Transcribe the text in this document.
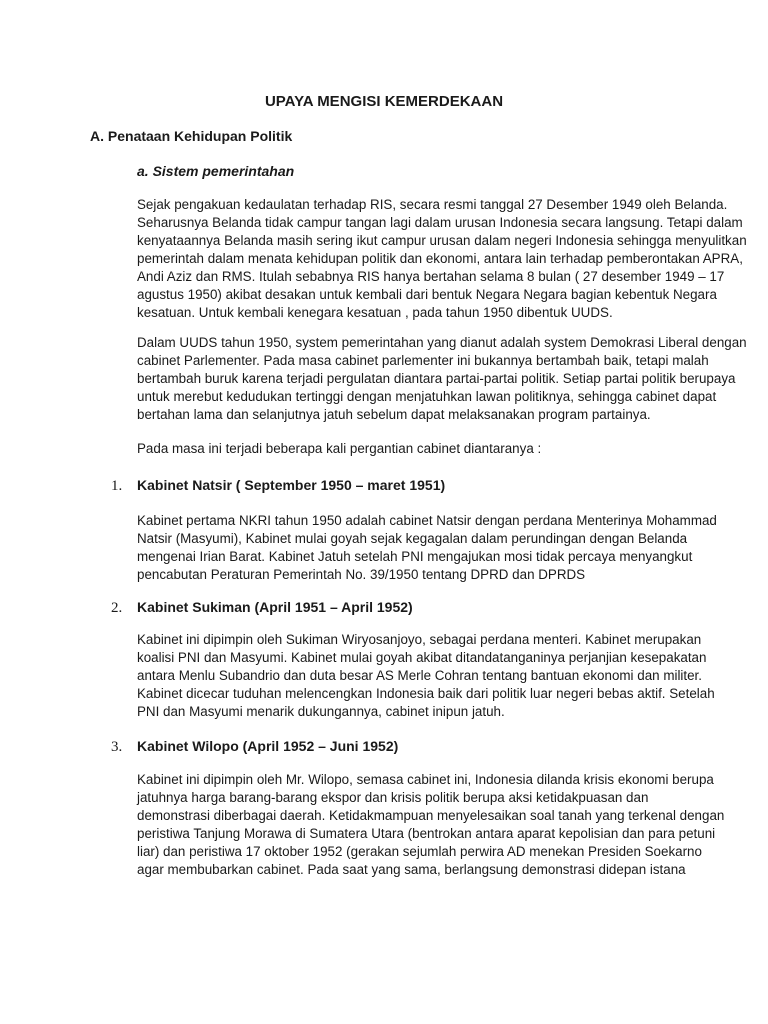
UPAYA MENGISI KEMERDEKAAN
A. Penataan Kehidupan Politik
a. Sistem pemerintahan

Sejak pengakuan kedaulatan terhadap RIS, secara resmi tanggal 27 Desember 1949 oleh Belanda.
Seharusnya Belanda tidak campur tangan lagi dalam urusan Indonesia secara langsung. Tetapi dalam
kenyataannya Belanda masih sering ikut campur urusan dalam negeri Indonesia sehingga menyulitkan
pemerintah dalam menata kehidupan politik dan ekonomi, antara lain terhadap pemberontakan APRA,
Andi Aziz dan RMS. Itulah sebabnya RIS hanya bertahan selama 8 bulan ( 27 desember 1949 – 17
agustus 1950) akibat desakan untuk kembali dari bentuk Negara Negara bagian kebentuk Negara
kesatuan. Untuk kembali kenegara kesatuan , pada tahun 1950 dibentuk UUDS.

Dalam UUDS tahun 1950, system pemerintahan yang dianut adalah system Demokrasi Liberal dengan
cabinet Parlementer. Pada masa cabinet parlementer ini bukannya bertambah baik, tetapi malah
bertambah buruk karena terjadi pergulatan diantara partai-partai politik. Setiap partai politik berupaya
untuk merebut kedudukan tertinggi dengan menjatuhkan lawan politiknya, sehingga cabinet dapat
bertahan lama dan selanjutnya jatuh sebelum dapat melaksanakan program partainya.

Pada masa ini terjadi beberapa kali pergantian cabinet diantaranya :

1. Kabinet Natsir ( September 1950 – maret 1951)

Kabinet pertama NKRI tahun 1950 adalah cabinet Natsir dengan perdana Menterinya Mohammad
Natsir (Masyumi), Kabinet mulai goyah sejak kegagalan dalam perundingan dengan Belanda
mengenai Irian Barat. Kabinet Jatuh setelah PNI mengajukan mosi tidak percaya menyangkut
pencabutan Peraturan Pemerintah No. 39/1950 tentang DPRD dan DPRDS

2. Kabinet Sukiman (April 1951 – April 1952)

Kabinet ini dipimpin oleh Sukiman Wiryosanjoyo, sebagai perdana menteri. Kabinet merupakan
koalisi PNI dan Masyumi. Kabinet mulai goyah akibat ditandatanganinya perjanjian kesepakatan
antara Menlu Subandrio dan duta besar AS Merle Cohran tentang bantuan ekonomi dan militer.
Kabinet dicecar tuduhan melencengkan Indonesia baik dari politik luar negeri bebas aktif. Setelah
PNI dan Masyumi menarik dukungannya, cabinet inipun jatuh.

3. Kabinet Wilopo (April 1952 – Juni 1952)

Kabinet ini dipimpin oleh Mr. Wilopo, semasa cabinet ini, Indonesia dilanda krisis ekonomi berupa
jatuhnya harga barang-barang ekspor dan krisis politik berupa aksi ketidakpuasan dan
demonstrasi diberbagai daerah. Ketidakmampuan menyelesaikan soal tanah yang terkenal dengan
peristiwa Tanjung Morawa di Sumatera Utara (bentrokan antara aparat kepolisian dan para petuni
liar) dan peristiwa 17 oktober 1952 (gerakan sejumlah perwira AD menekan Presiden Soekarno
agar membubarkan cabinet. Pada saat yang sama, berlangsung demonstrasi didepan istana
